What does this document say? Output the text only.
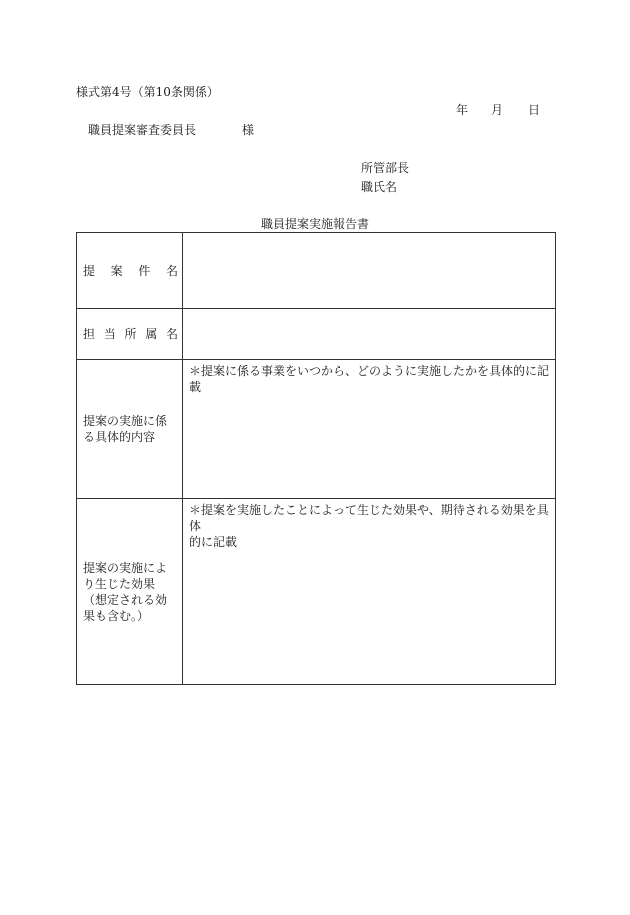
様式第4号（第10条関係）
年 月 日
職員提案審査委員長	様
所管部長
職氏名
職員提案実施報告書
提 案 件 名	

担 当 所 属 名	

提案の実施に係
る具体的内容	＊提案に係る事業をいつから、どのように実施したかを具体的に記載

提案の実施によ
り生じた効果
（想定される効
果も含む。）	＊提案を実施したことによって生じた効果や、期待される効果を具体
的に記載
